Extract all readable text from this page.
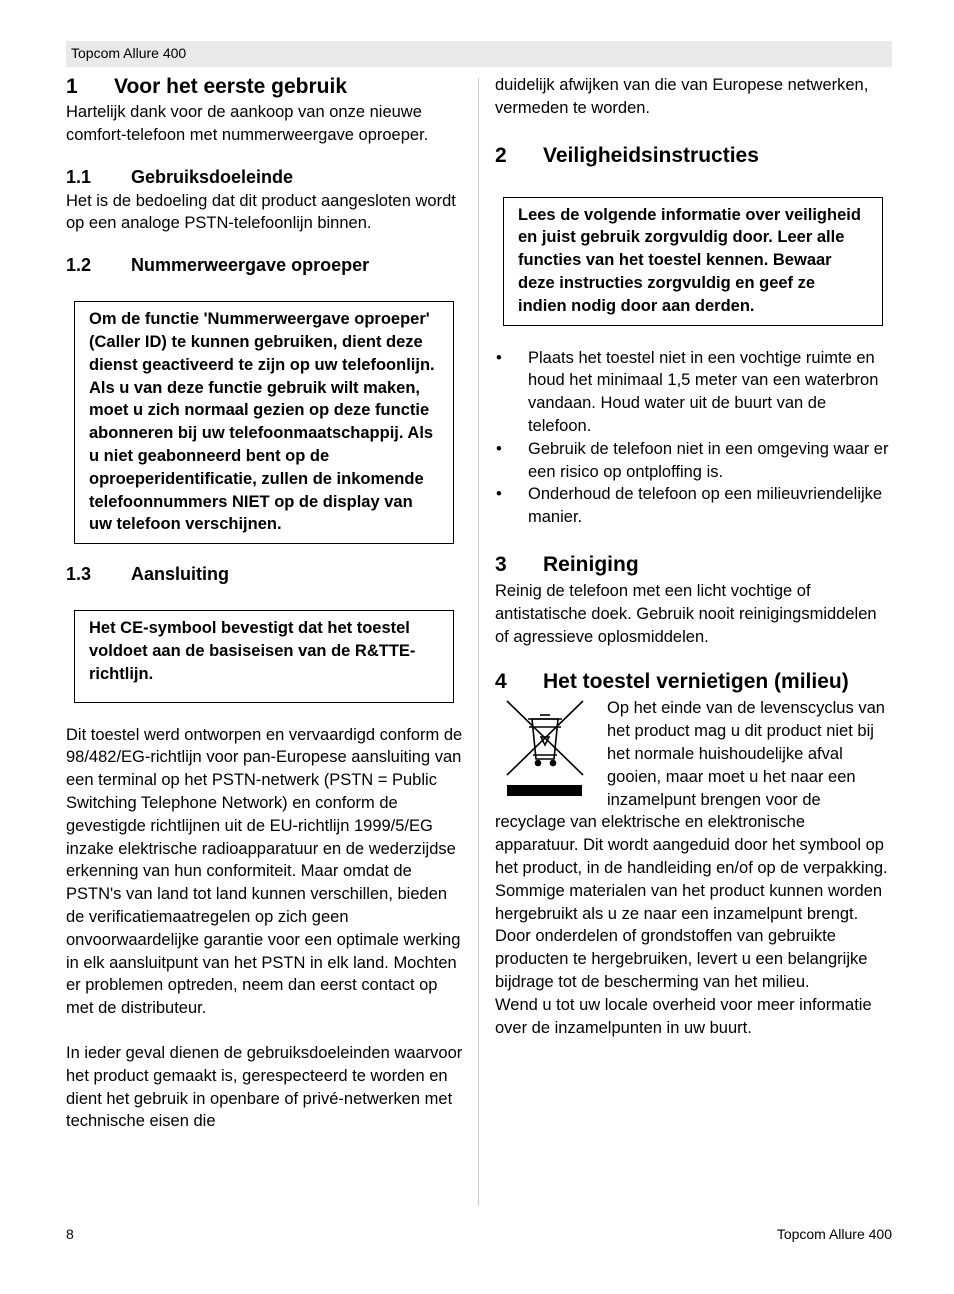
Topcom Allure 400
1 Voor het eerste gebruik

Hartelijk dank voor de aankoop van onze nieuwe comfort-telefoon met nummerweergave oproeper.

1.1 Gebruiksdoeleinde

Het is de bedoeling dat dit product aangesloten wordt op een analoge PSTN-telefoonlijn binnen.

1.2 Nummerweergave oproeper
Om de functie 'Nummerweergave oproeper' (Caller ID) te kunnen gebruiken, dient deze dienst geactiveerd te zijn op uw telefoonlijn. Als u van deze functie gebruik wilt maken, moet u zich normaal gezien op deze functie abonneren bij uw telefoonmaatschappij. Als u niet geabonneerd bent op de oproeperidentificatie, zullen de inkomende telefoonnummers NIET op de display van uw telefoon verschijnen.
1.3 Aansluiting
Het CE-symbool bevestigt dat het toestel voldoet aan de basiseisen van de R&TTE-richtlijn.

Dit toestel werd ontworpen en vervaardigd conform de 98/482/EG-richtlijn voor pan-Europese aansluiting van een terminal op het PSTN-netwerk (PSTN = Public Switching Telephone Network) en conform de gevestigde richtlijnen uit de EU-richtlijn 1999/5/EG inzake elektrische radioapparatuur en de wederzijdse erkenning van hun conformiteit. Maar omdat de PSTN's van land tot land kunnen verschillen, bieden de verificatiemaatregelen op zich geen onvoorwaardelijke garantie voor een optimale werking in elk aansluitpunt van het PSTN in elk land. Mochten er problemen optreden, neem dan eerst contact op met de distributeur.

In ieder geval dienen de gebruiksdoeleinden waarvoor het product gemaakt is, gerespecteerd te worden en dient het gebruik in openbare of privé-netwerken met technische eisen die

duidelijk afwijken van die van Europese netwerken, vermeden te worden.

2 Veiligheidsinstructies
Lees de volgende informatie over veiligheid en juist gebruik zorgvuldig door. Leer alle functies van het toestel kennen. Bewaar deze instructies zorgvuldig en geef ze indien nodig door aan derden.
• Plaats het toestel niet in een vochtige ruimte en houd het minimaal 1,5 meter van een waterbron vandaan. Houd water uit de buurt van de telefoon.
• Gebruik de telefoon niet in een omgeving waar er een risico op ontploffing is.
• Onderhoud de telefoon op een milieuvriendelijke manier.
3 Reiniging

Reinig de telefoon met een licht vochtige of antistatische doek. Gebruik nooit reinigingsmiddelen of agressieve oplosmiddelen.

4 Het toestel vernietigen (milieu)

Op het einde van de levenscyclus van het product mag u dit product niet bij het normale huishoudelijke afval gooien, maar moet u het naar een inzamelpunt brengen voor de recyclage van elektrische en elektronische apparatuur. Dit wordt aangeduid door het symbool op het product, in de handleiding en/of op de verpakking.

Sommige materialen van het product kunnen worden hergebruikt als u ze naar een inzamelpunt brengt. Door onderdelen of grondstoffen van gebruikte producten te hergebruiken, levert u een belangrijke bijdrage tot de bescherming van het milieu.

Wend u tot uw locale overheid voor meer informatie over de inzamelpunten in uw buurt.

8	Topcom Allure 400
